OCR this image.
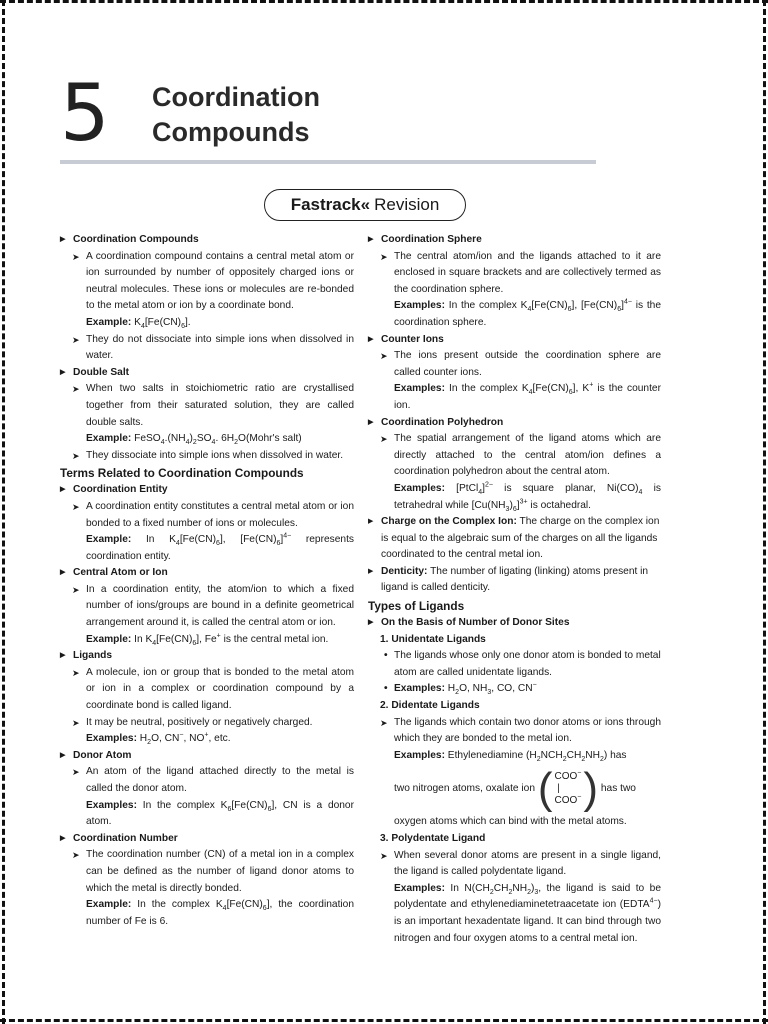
5 Coordination
Compounds
Fastrack« Revision
▶ Coordination Compounds
➤ A coordination compound contains a central metal atom or ion surrounded by number of oppositely charged ions or neutral molecules. These ions or molecules are re-bonded to the metal atom or ion by a coordinate bond.
Example: $K_4[Fe(CN)_6]$.
➤ They do not dissociate into simple ions when dissolved in water.
▶ Double Salt
➤ When two salts in stoichiometric ratio are crystallised together from their saturated solution, they are called double salts.
Example: $FeSO_4.(NH_4)_2SO_4$. $6H_2O(Mohr's$ salt)
➤ They dissociate into simple ions when dissolved in water.
Terms Related to Coordination Compounds
▶ Coordination Entity
➤ A coordination entity constitutes a central metal atom or ion bonded to a fixed number of ions or molecules.
Example: In $K_4[Fe(CN)_6]$, $[Fe(CN)_6]^{4-}$ represents coordination entity.
▶ Central Atom or Ion
➤ In a coordination entity, the atom/ion to which a fixed number of ions/groups are bound in a definite geometrical arrangement around it, is called the central atom or ion.
Example: In $K_4[Fe(CN)_6]$, Fe+ is the central metal ion.
▶ Ligands
➤ A molecule, ion or group that is bonded to the metal atom or ion in a complex or coordination compound by a coordinate bond is called ligand.
➤ It may be neutral, positively or negatively charged.
Examples: $H_2O$, CN−, NO+, etc.
▶ Donor Atom
➤ An atom of the ligand attached directly to the metal is called the donor atom.
Examples: In the complex $K_6[Fe(CN)_6]$, CN is a donor atom.
▶ Coordination Number
➤ The coordination number (CN) of a metal ion in a complex can be defined as the number of ligand donor atoms to which the metal is directly bonded.
Example: In the complex $K_4[Fe(CN)_6]$, the coordination number of Fe is 6.
▶ Coordination Sphere
➤ The central atom/ion and the ligands attached to it are enclosed in square brackets and are collectively termed as the coordination sphere.
Examples: In the complex $K_4[Fe(CN)_6]$, $[Fe(CN)_6]^{4-}$ is the coordination sphere.
▶ Counter Ions
➤ The ions present outside the coordination sphere are called counter ions.
Examples: In the complex $K_4[Fe(CN)_6]$, K+ is the counter ion.
▶ Coordination Polyhedron
➤ The spatial arrangement of the ligand atoms which are directly attached to the central atom/ion defines a coordination polyhedron about the central atom.
Examples: [PtCl$_4$]$^{2-}$ is square planar, $Ni(CO)_4$ is tetrahedral while $[Cu(NH_3)_6]^{3+}$ is octahedral.
▶ Charge on the Complex Ion: The charge on the complex ion is equal to the algebraic sum of the charges on all the ligands coordinated to the central metal ion.
▶ Denticity: The number of ligating (linking) atoms present in ligand is called denticity.
Types of Ligands
▶ On the Basis of Number of Donor Sites
1. Unidentate Ligands
• The ligands whose only one donor atom is bonded to metal atom are called unidentate ligands.
• Examples: $H_2O$, $NH_3$, CO, CN−
2. Didentate Ligands
➤ The ligands which contain two donor atoms or ions through which they are bonded to the metal ion.
Examples: Ethylenediamine $(H_2NCH_2CH_2NH_2)$ has
two nitrogen atoms, oxalate ion ( COO−
|
COO− ) has two
oxygen atoms which can bind with the metal atoms.
3. Polydentate Ligand
➤ When several donor atoms are present in a single ligand, the ligand is called polydentate ligand.
Examples: In $N(CH_2CH_2NH_2)_3$, the ligand is said to be polydentate and ethylenediaminetetraacetate ion $(EDTA^{4-})$ is an important hexadentate ligand. It can bind through two nitrogen and four oxygen atoms to a central metal ion.
